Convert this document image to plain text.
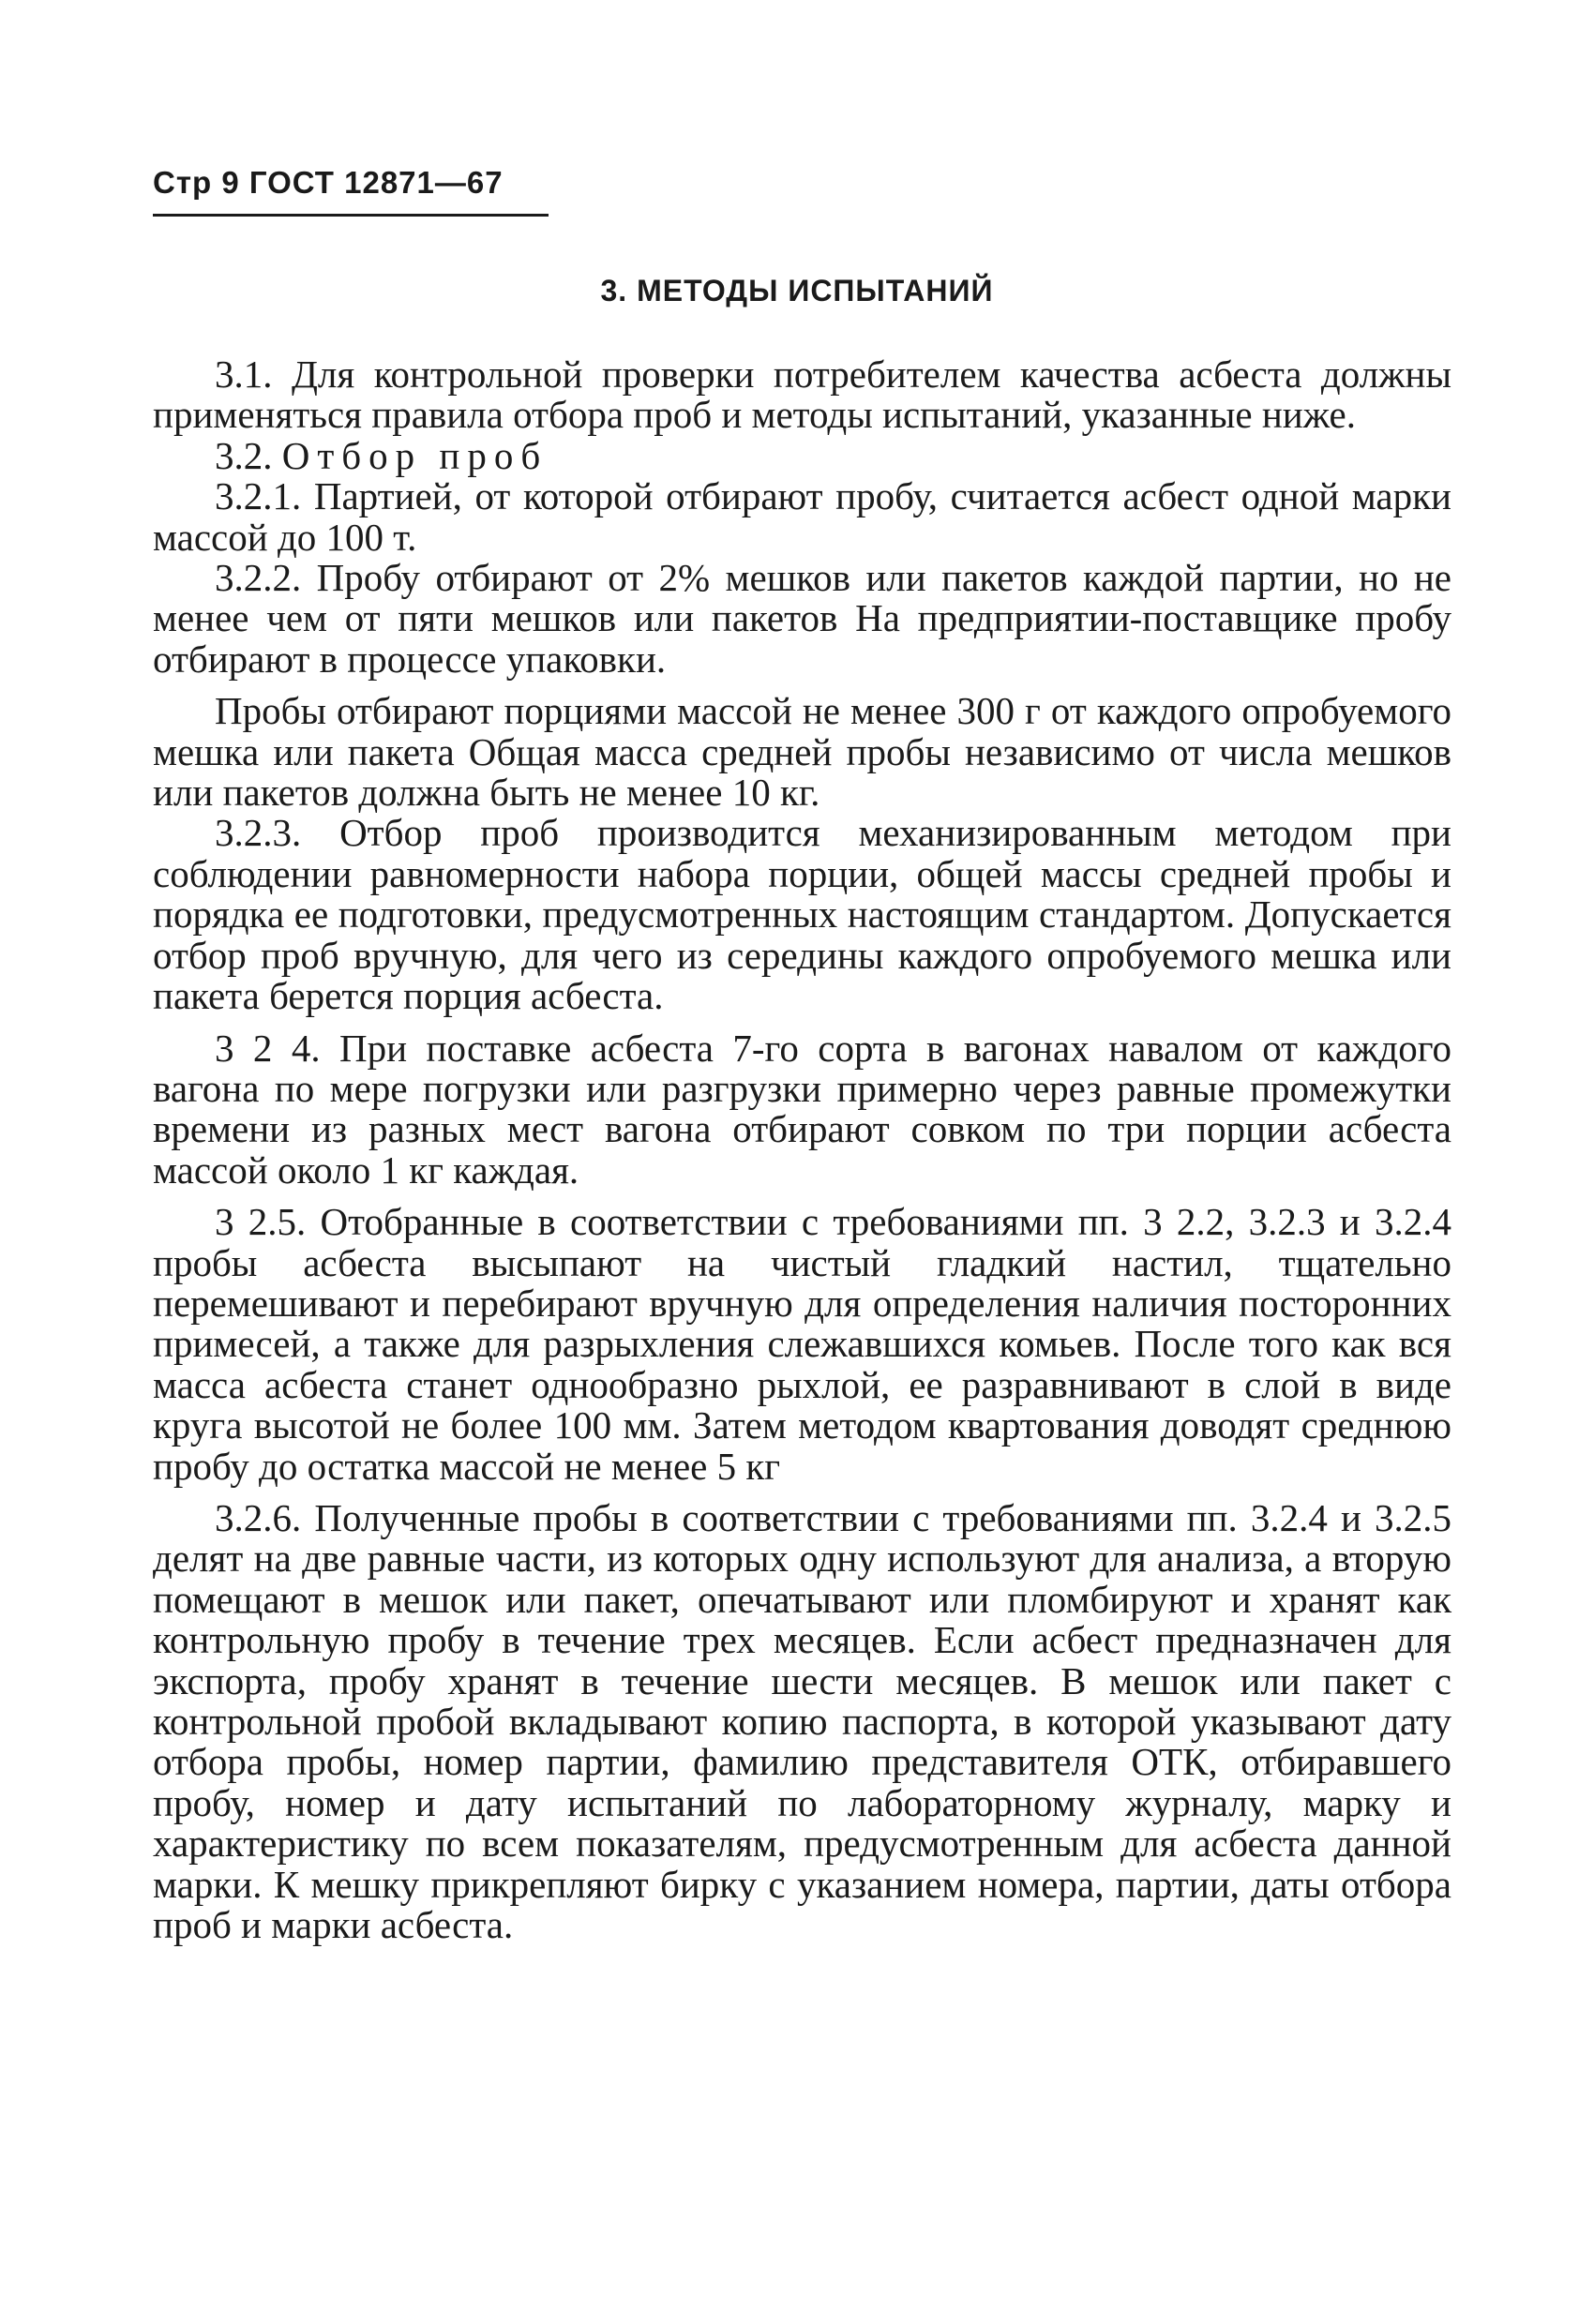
Стр 9 ГОСТ 12871—67
3. МЕТОДЫ ИСПЫТАНИЙ

3.1. Для контрольной проверки потребителем качества асбеста должны применяться правила отбора проб и методы испытаний, указанные ниже.

3.2. Отбор проб

3.2.1. Партией, от которой отбирают пробу, считается асбест одной марки массой до 100 т.

3.2.2. Пробу отбирают от 2% мешков или пакетов каждой партии, но не менее чем от пяти мешков или пакетов На предприятии-поставщике пробу отбирают в процессе упаковки.

Пробы отбирают порциями массой не менее 300 г от каждого опробуемого мешка или пакета Общая масса средней пробы независимо от числа мешков или пакетов должна быть не менее 10 кг.

3.2.3. Отбор проб производится механизированным методом при соблюдении равномерности набора порции, общей массы средней пробы и порядка ее подготовки, предусмотренных настоящим стандартом. Допускается отбор проб вручную, для чего из середины каждого опробуемого мешка или пакета берется порция асбеста.

3 2 4. При поставке асбеста 7-го сорта в вагонах навалом от каждого вагона по мере погрузки или разгрузки примерно через равные промежутки времени из разных мест вагона отбирают совком по три порции асбеста массой около 1 кг каждая.

3 2.5. Отобранные в соответствии с требованиями пп. 3 2.2, 3.2.3 и 3.2.4 пробы асбеста высыпают на чистый гладкий настил, тщательно перемешивают и перебирают вручную для определения наличия посторонних примесей, а также для разрыхления слежавшихся комьев. После того как вся масса асбеста станет однообразно рыхлой, ее разравнивают в слой в виде круга высотой не более 100 мм. Затем методом квартования доводят среднюю пробу до остатка массой не менее 5 кг

3.2.6. Полученные пробы в соответствии с требованиями пп. 3.2.4 и 3.2.5 делят на две равные части, из которых одну используют для анализа, а вторую помещают в мешок или пакет, опечатывают или пломбируют и хранят как контрольную пробу в течение трех месяцев. Если асбест предназначен для экспорта, пробу хранят в течение шести месяцев. В мешок или пакет с контрольной пробой вкладывают копию паспорта, в которой указывают дату отбора пробы, номер партии, фамилию представителя ОТК, отбиравшего пробу, номер и дату испытаний по лабораторному журналу, марку и характеристику по всем показателям, предусмотренным для асбеста данной марки. К мешку прикрепляют бирку с указанием номера, партии, даты отбора проб и марки асбеста.
